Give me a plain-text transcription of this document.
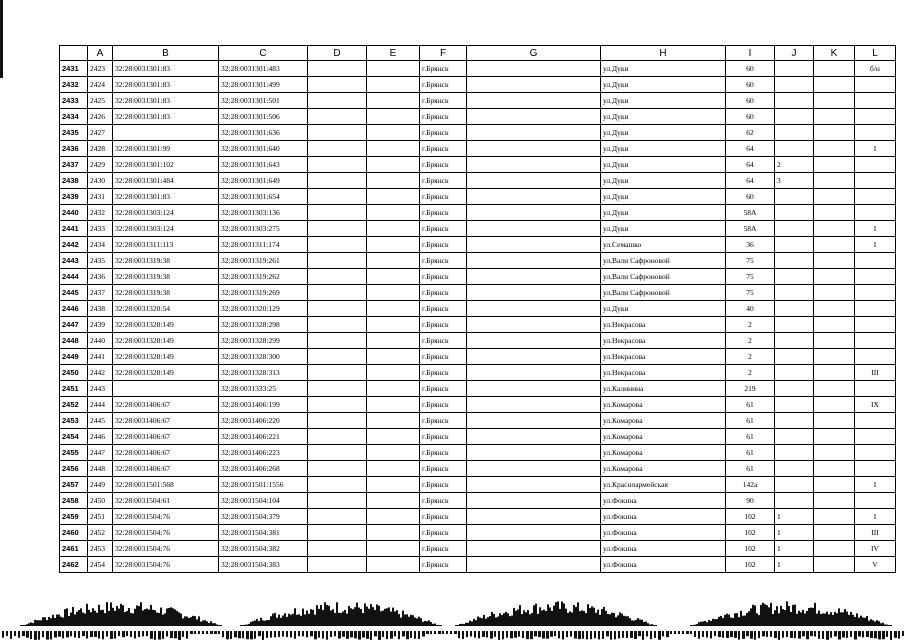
	A	B	C	D	E	F	G	H	I	J	K	L
2431	2423	32:28:0031301:83	32:28:0031301:483			г.Брянск		ул.Дуки	60			б/н
2432	2424	32:28:0031301:83	32:28:0031301:499			г.Брянск		ул.Дуки	60			
2433	2425	32:28:0031301:83	32:28:0031301:501			г.Брянск		ул.Дуки	60			
2434	2426	32:28:0031301:83	32:28:0031301:506			г.Брянск		ул.Дуки	60			
2435	2427		32:28:0031301:636			г.Брянск		ул.Дуки	62			
2436	2428	32:28:0031301:99	32:28:0031301:640			г.Брянск		ул.Дуки	64			I
2437	2429	32:28:0031301:102	32:28:0031301:643			г.Брянск		ул.Дуки	64	2		
2438	2430	32:28:0031301:484	32:28:0031301:649			г.Брянск		ул.Дуки	64	3		
2439	2431	32:28:0031301:83	32:28:0031301:654			г.Брянск		ул.Дуки	60			
2440	2432	32:28:0031303:124	32:28:0031303:136			г.Брянск		ул.Дуки	58А			
2441	2433	32:28:0031303:124	32:28:0031303:275			г.Брянск		ул.Дуки	58А			I
2442	2434	32:28:0031311:113	32:28:0031311:174			г.Брянск		ул.Семашко	36			I
2443	2435	32:28:0031319:38	32:28:0031319:261			г.Брянск		ул.Вали Сафроновой	75			
2444	2436	32:28:0031319:38	32:28:0031319:262			г.Брянск		ул.Вали Сафроновой	75			
2445	2437	32:28:0031319:38	32:28:0031319:269			г.Брянск		ул.Вали Сафроновой	75			
2446	2438	32:28:0031320:54	32:28:0031320:129			г.Брянск		ул.Дуки	40			
2447	2439	32:28:0031328:149	32:28:0031328:298			г.Брянск		ул.Некрасова	2			
2448	2440	32:28:0031328:149	32:28:0031328:299			г.Брянск		ул.Некрасова	2			
2449	2441	32:28:0031328:149	32:28:0031328:300			г.Брянск		ул.Некрасова	2			
2450	2442	32:28:0031328:149	32:28:0031328:313			г.Брянск		ул.Некрасова	2			III
2451	2443		32:28:0031333:25			г.Брянск		ул.Калинина	219			
2452	2444	32:28:0031406:67	32:28:0031406:199			г.Брянск		ул.Комарова	61			IX
2453	2445	32:28:0031406:67	32:28:0031406:220			г.Брянск		ул.Комарова	61			
2454	2446	32:28:0031406:67	32:28:0031406:221			г.Брянск		ул.Комарова	61			
2455	2447	32:28:0031406:67	32:28:0031406:223			г.Брянск		ул.Комарова	61			
2456	2448	32:28:0031406:67	32:28:0031406:268			г.Брянск		ул.Комарова	61			
2457	2449	32:28:0031501:568	32:28:0031501:1556			г.Брянск		ул.Красноармейская	142а			I
2458	2450	32:28:0031504:61	32:28:0031504:104			г.Брянск		ул.Фокина	90			
2459	2451	32:28:0031504:76	32:28:0031504:379			г.Брянск		ул.Фокина	102	1		I
2460	2452	32:28:0031504:76	32:28:0031504:381			г.Брянск		ул.Фокина	102	1		III
2461	2453	32:28:0031504:76	32:28:0031504:382			г.Брянск		ул.Фокина	102	1		IV
2462	2454	32:28:0031504:76	32:28:0031504:383			г.Брянск		ул.Фокина	102	1		V
